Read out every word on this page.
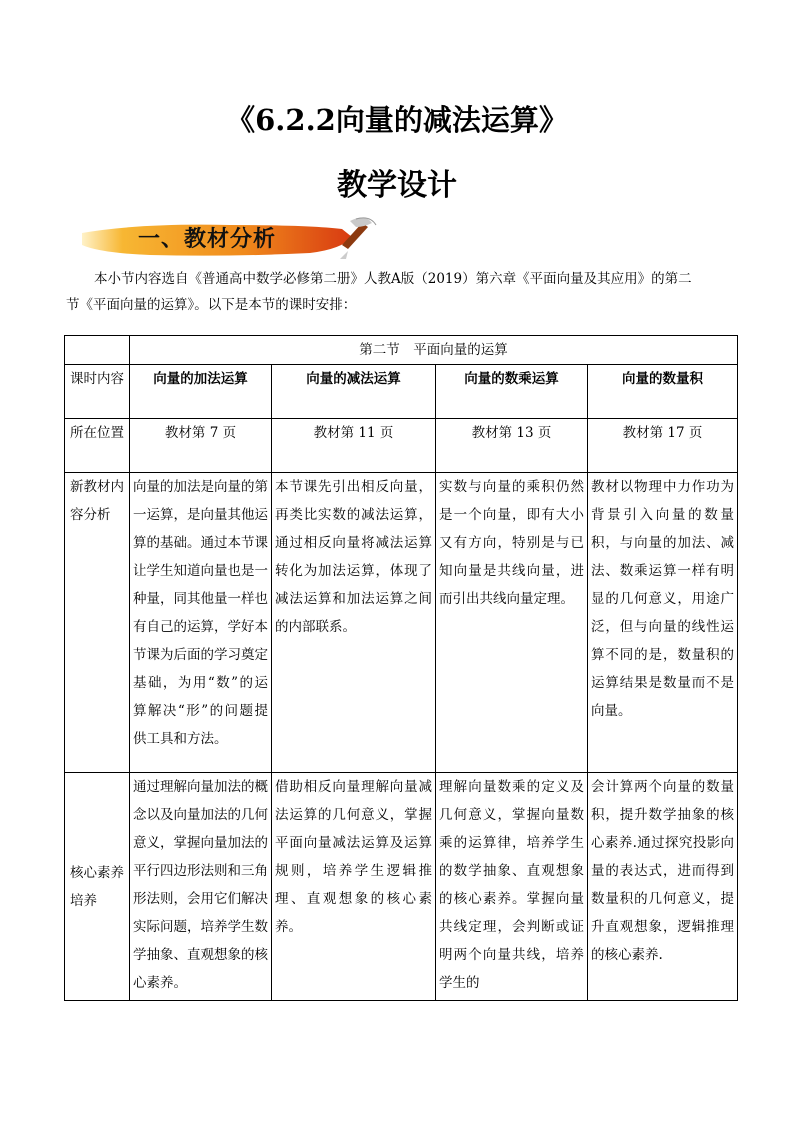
《6.2.2向量的减法运算》
教学设计
一、教材分析
本小节内容选自《普通高中数学必修第二册》人教A版（2019）第六章《平面向量及其应用》的第二
节《平面向量的运算》。以下是本节的课时安排：
	第二节　平面向量的运算			
课时内容	向量的加法运算	向量的减法运算	向量的数乘运算	向量的数量积
所在位置	教材第 7 页	教材第 11 页	教材第 13 页	教材第 17 页
新教材内容分析	向量的加法是向量的第一运算，是向量其他运算的基础。通过本节课让学生知道向量也是一种量，同其他量一样也有自己的运算，学好本节课为后面的学习奠定基础，为用“数”的运算解决“形”的问题提供工具和方法。	本节课先引出相反向量，再类比实数的减法运算，通过相反向量将减法运算转化为加法运算，体现了减法运算和加法运算之间的内部联系。	实数与向量的乘积仍然是一个向量，即有大小又有方向，特别是与已知向量是共线向量，进而引出共线向量定理。	教材以物理中力作功为背景引入向量的数量积，与向量的加法、减法、数乘运算一样有明显的几何意义，用途广泛，但与向量的线性运算不同的是，数量积的运算结果是数量而不是向量。
核心素养培养	通过理解向量加法的概念以及向量加法的几何意义，掌握向量加法的平行四边形法则和三角形法则，会用它们解决实际问题，培养学生数学抽象、直观想象的核心素养。	借助相反向量理解向量减法运算的几何意义，掌握平面向量减法运算及运算规则，培养学生逻辑推理、直观想象的核心素养。	理解向量数乘的定义及几何意义，掌握向量数乘的运算律，培养学生的数学抽象、直观想象的核心素养。掌握向量共线定理，会判断或证明两个向量共线，培养学生的	会计算两个向量的数量积，提升数学抽象的核心素养.通过探究投影向量的表达式，进而得到数量积的几何意义，提升直观想象，逻辑推理的核心素养.
